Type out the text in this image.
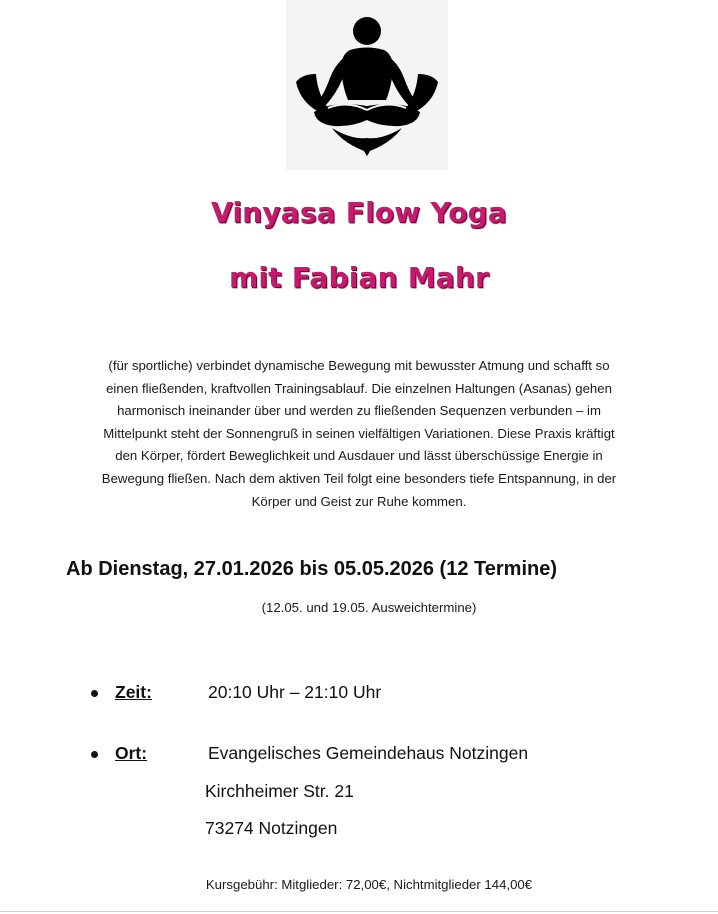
Vinyasa Flow Yoga
mit Fabian Mahr
(für sportliche) verbindet dynamische Bewegung mit bewusster Atmung und schafft so
einen fließenden, kraftvollen Trainingsablauf. Die einzelnen Haltungen (Asanas) gehen
harmonisch ineinander über und werden zu fließenden Sequenzen verbunden – im
Mittelpunkt steht der Sonnengruß in seinen vielfältigen Variationen. Diese Praxis kräftigt
den Körper, fördert Beweglichkeit und Ausdauer und lässt überschüssige Energie in
Bewegung fließen. Nach dem aktiven Teil folgt eine besonders tiefe Entspannung, in der
Körper und Geist zur Ruhe kommen.
Ab Dienstag, 27.01.2026 bis 05.05.2026 (12 Termine)
(12.05. und 19.05. Ausweichtermine)
Zeit:	20:10 Uhr – 21:10 Uhr
Ort:	Evangelisches Gemeindehaus Notzingen
Kirchheimer Str. 21
73274 Notzingen
Kursgebühr: Mitglieder: 72,00€, Nichtmitglieder 144,00€
